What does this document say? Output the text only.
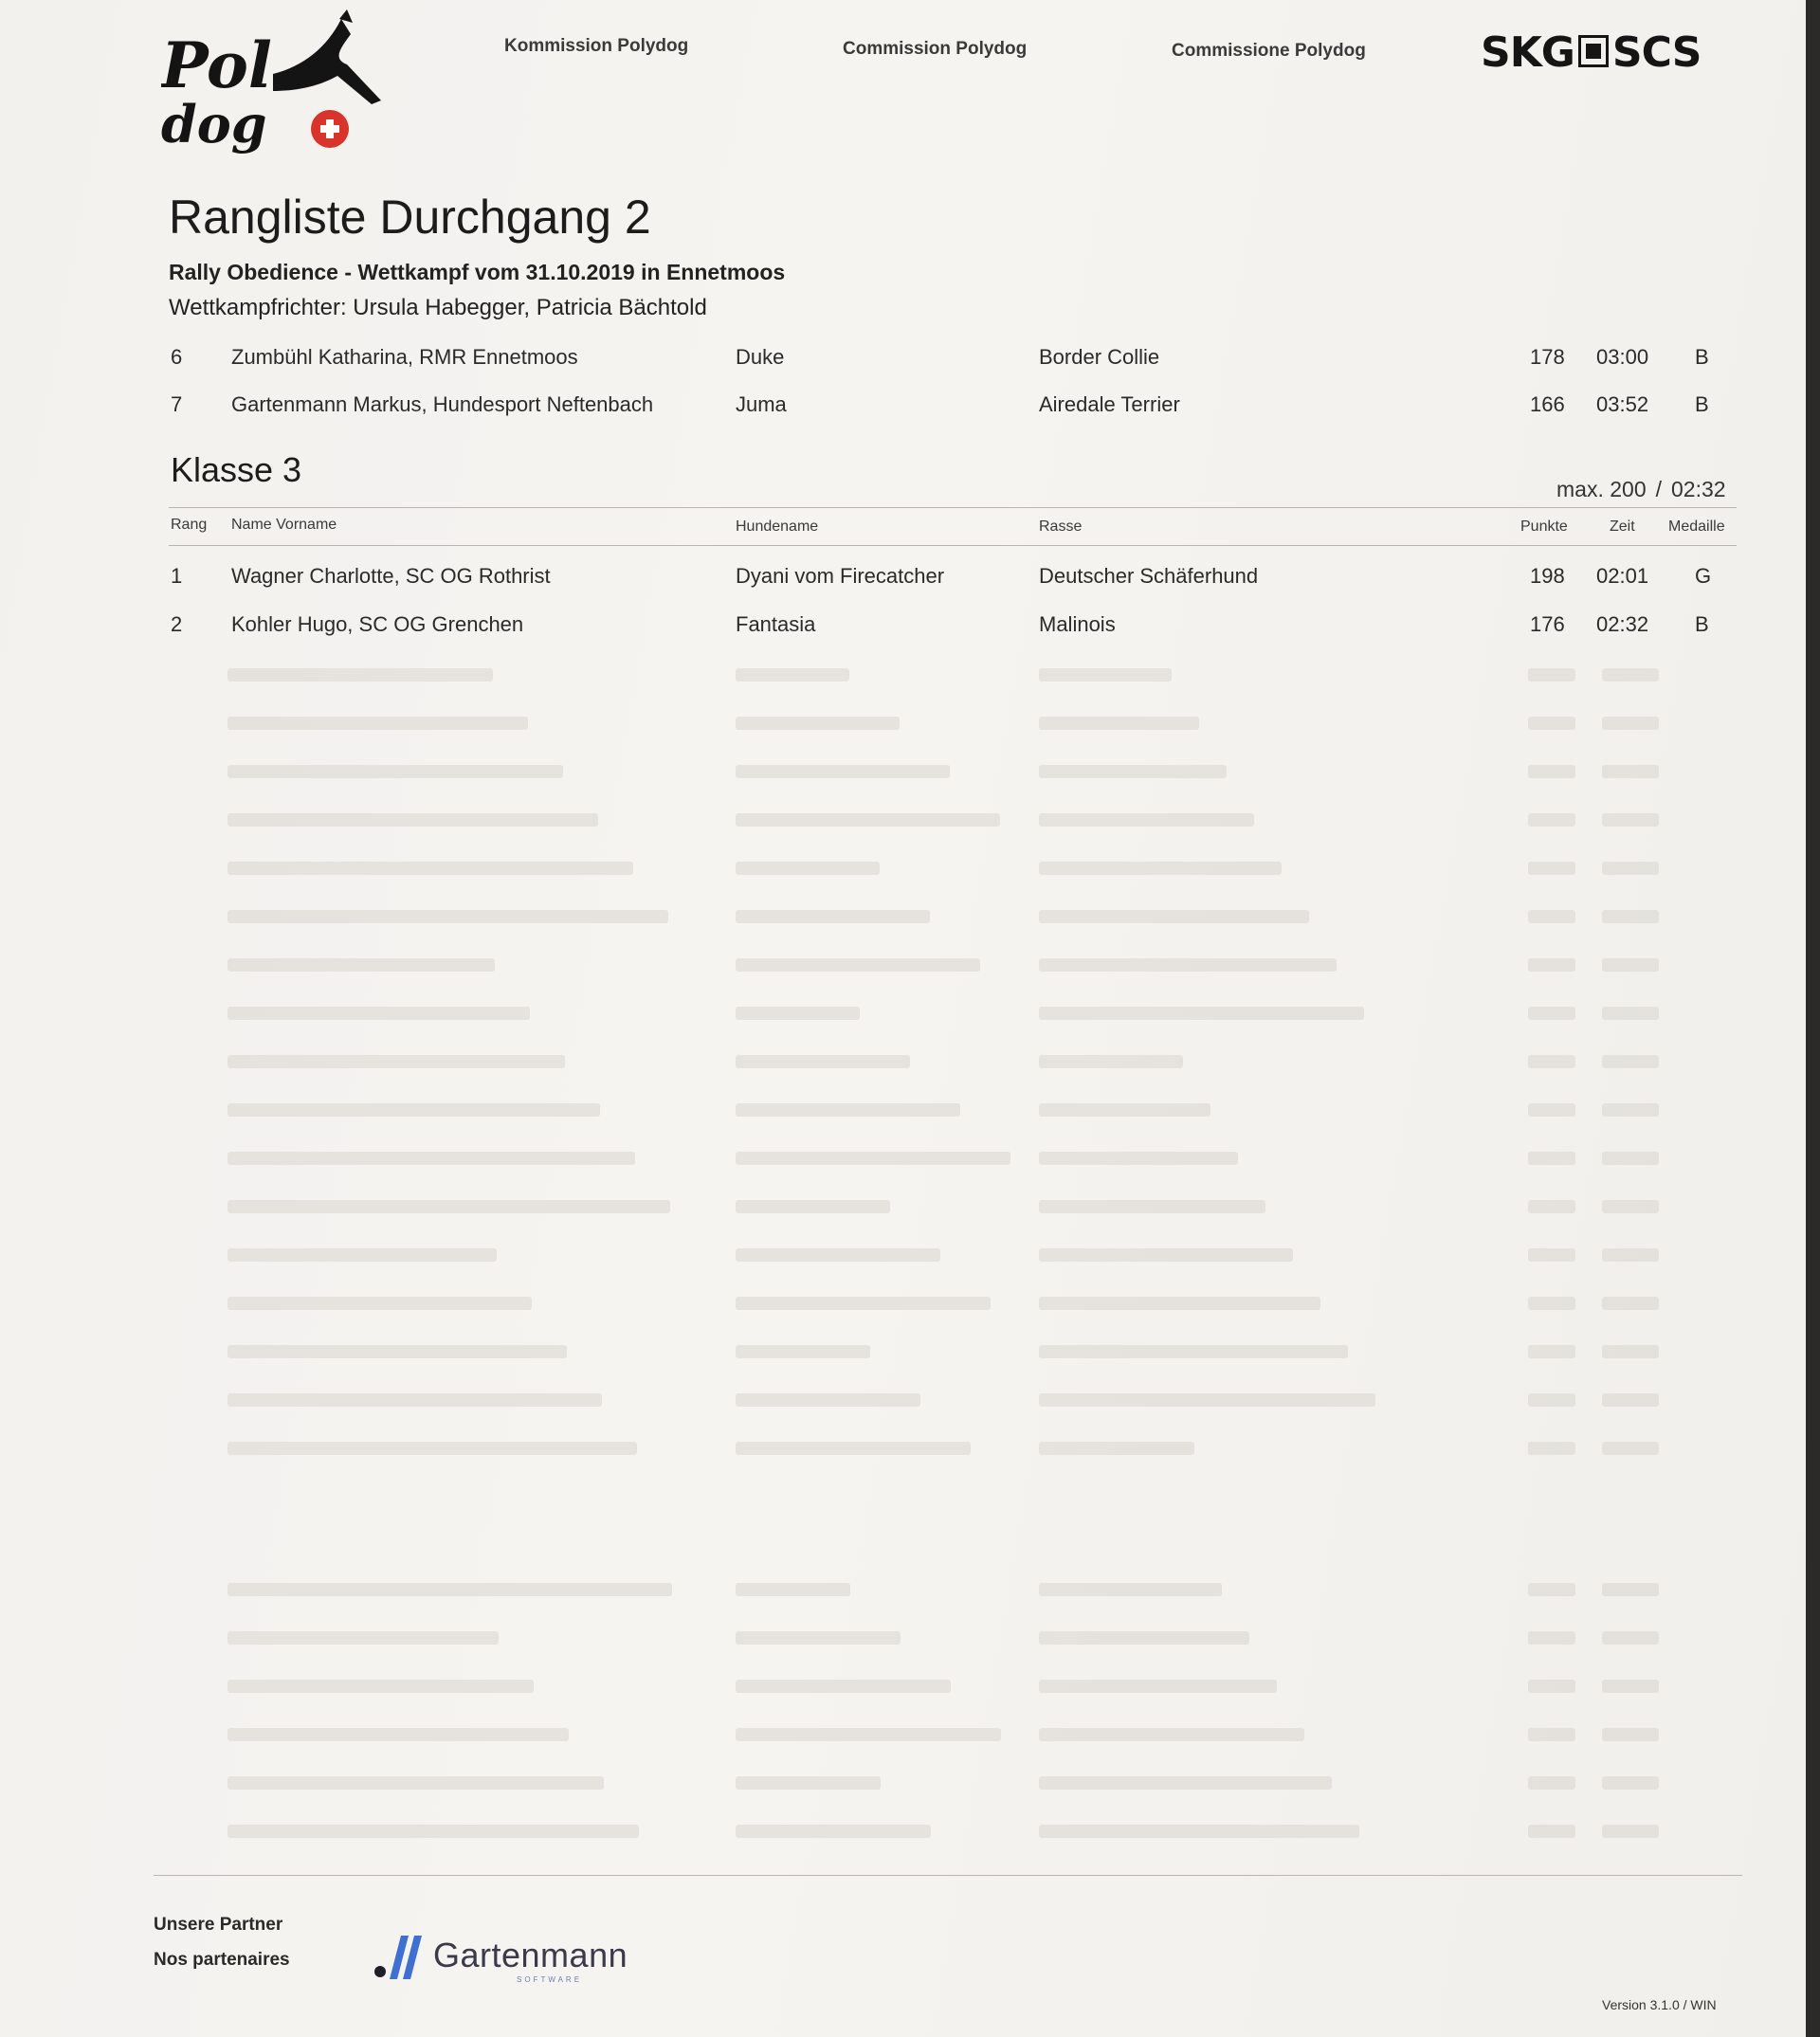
Pol
dog
Kommission Polydog	Commission Polydog	Commissione Polydog	SKG SCS
Rangliste Durchgang 2
Rally Obedience - Wettkampf vom 31.10.2019 in Ennetmoos
Wettkampfrichter: Ursula Habegger, Patricia Bächtold
6 Zumbühl Katharina, RMR Ennetmoos	Duke	Border Collie	178 03:00 B
7 Gartenmann Markus, Hundesport Neftenbach	Juma	Airedale Terrier	166 03:52 B
Klasse 3	max. 200 / 02:32
Rang Name Vorname	Hundename	Rasse	Punkte	Zeit Medaille
1 Wagner Charlotte, SC OG Rothrist	Dyani vom Firecatcher	Deutscher Schäferhund	198 02:01 G
2 Kohler Hugo, SC OG Grenchen	Fantasia	Malinois	176 02:32 B
Unsere Partner
Nos partenaires	Gartenmann
SOFTWARE
Version 3.1.0 / WIN
